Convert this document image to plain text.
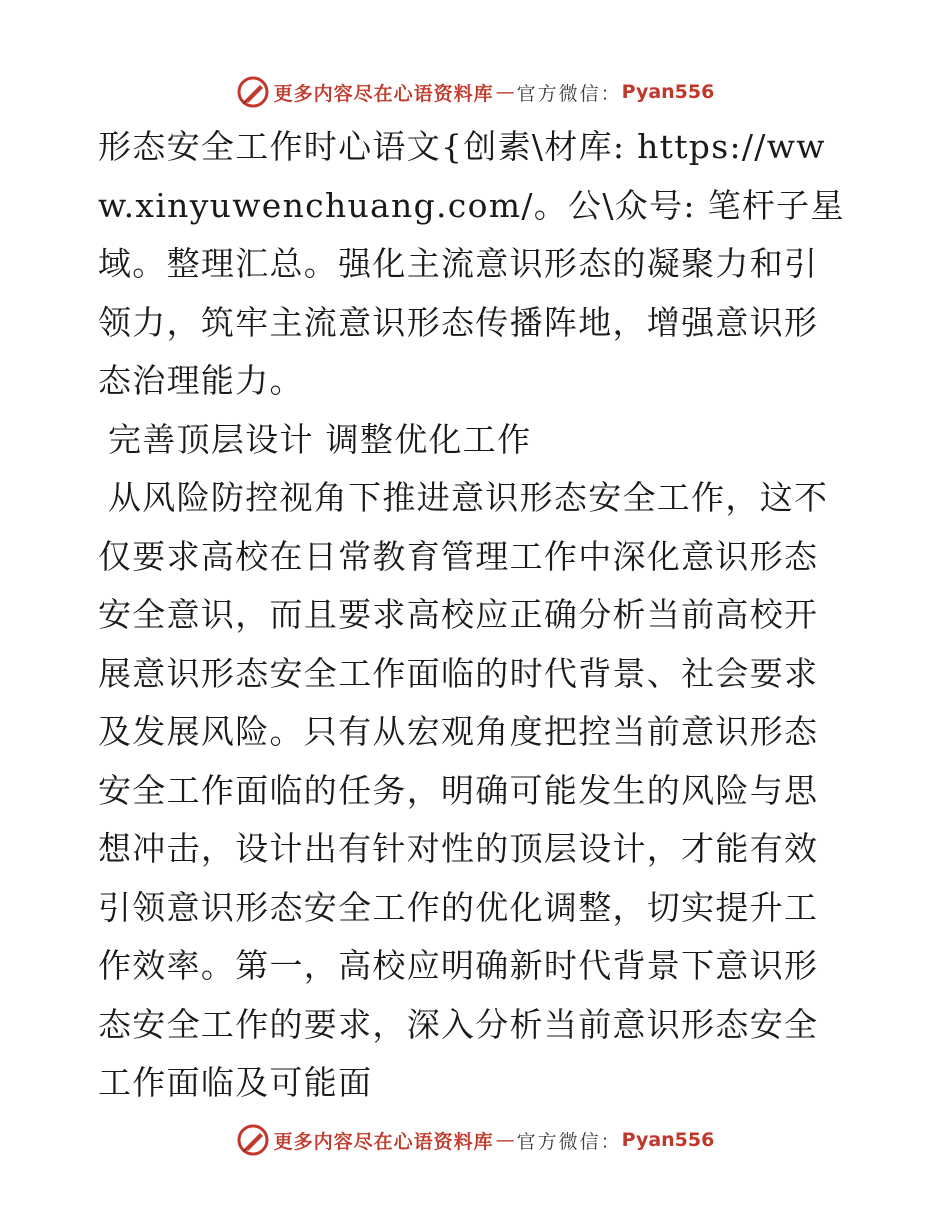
更多内容尽在心语资料库 — 官方微信： Pyan556

形态安全工作时心语文{创素\材库: https://www.xinyuwenchuang.com/。公\众号: 笔杆子星域。整理汇总。强化主流意识形态的凝聚力和引领力，筑牢主流意识形态传播阵地，增强意识形态治理能力。

完善顶层设计 调整优化工作

从风险防控视角下推进意识形态安全工作，这不仅要求高校在日常教育管理工作中深化意识形态安全意识，而且要求高校应正确分析当前高校开展意识形态安全工作面临的时代背景、社会要求及发展风险。只有从宏观角度把控当前意识形态安全工作面临的任务，明确可能发生的风险与思想冲击，设计出有针对性的顶层设计，才能有效引领意识形态安全工作的优化调整，切实提升工作效率。第一，高校应明确新时代背景下意识形态安全工作的要求，深入分析当前意识形态安全工作面临及可能面

更多内容尽在心语资料库 — 官方微信： Pyan556
